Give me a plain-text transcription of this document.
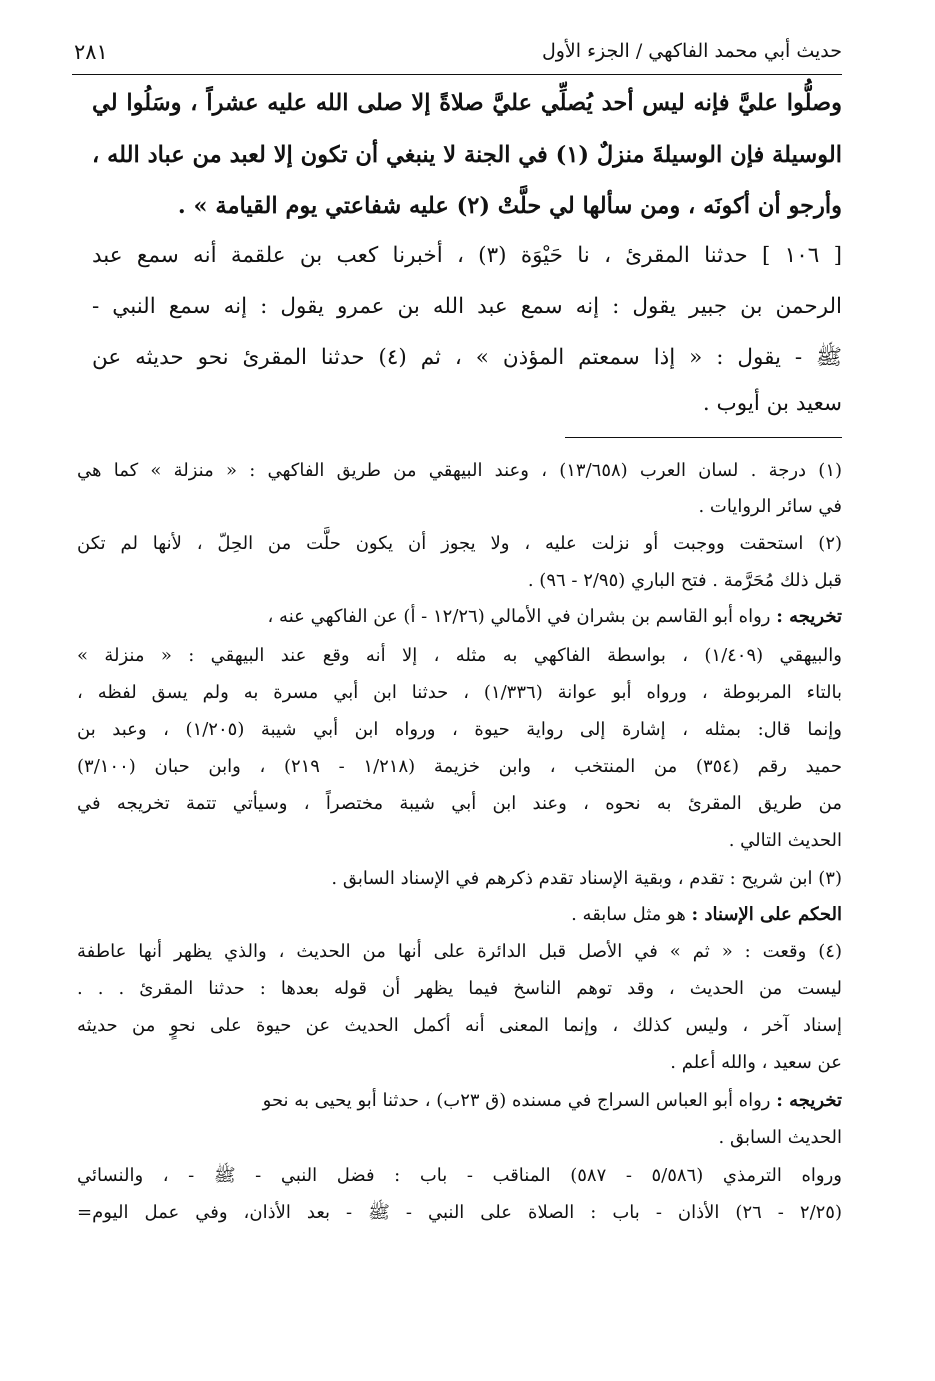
حديث أبي محمد الفاكهي / الجزء الأول
٢٨١
وصلُّوا عليَّ فإنه ليس أحد يُصلِّي عليَّ صلاةً إلا صلى الله عليه عشراً ، وسَلُوا لي
الوسيلة فإن الوسيلةَ منزلٌ (١) في الجنة لا ينبغي أن تكون إلا لعبد من عباد الله ،
وأرجو أن أكونَه ، ومن سألها لي حلَّتْ (٢) عليه شفاعتي يوم القيامة » .
[ ١٠٦ ] حدثنا المقرئ ، نا حَيْوَة (٣) ، أخبرنا كعب بن علقمة أنه سمع عبد
الرحمن بن جبير يقول : إنه سمع عبد الله بن عمرو يقول : إنه سمع النبي -
ﷺ - يقول : « إذا سمعتم المؤذن » ، ثم (٤) حدثنا المقرئ نحو حديثه عن
سعيد بن أيوب .
(١) درجة . لسان العرب (١٣/٦٥٨) ، وعند البيهقي من طريق الفاكهي : « منزلة » كما هي
في سائر الروايات .
(٢) استحقت ووجبت أو نزلت عليه ، ولا يجوز أن يكون حلَّت من الحِلّ ، لأنها لم تكن
قبل ذلك مُحَرَّمة . فتح الباري (٢/٩٥ - ٩٦) .
تخريجه : رواه أبو القاسم بن بشران في الأمالي (١٢/٢٦ - أ) عن الفاكهي عنه ،
والبيهقي (١/٤٠٩) ، بواسطة الفاكهي به مثله ، إلا أنه وقع عند البيهقي : « منزلة »
بالتاء المربوطة ، ورواه أبو عوانة (١/٣٣٦) ، حدثنا ابن أبي مسرة به ولم يسق لفظه ،
وإنما قال: بمثله ، إشارة إلى رواية حيوة ، ورواه ابن أبي شيبة (١/٢٠٥) ، وعبد بن
حميد رقم (٣٥٤) من المنتخب ، وابن خزيمة (١/٢١٨ - ٢١٩) ، وابن حبان (٣/١٠٠)
من طريق المقرئ به نحوه ، وعند ابن أبي شيبة مختصراً ، وسيأتي تتمة تخريجه في
الحديث التالي .
(٣) ابن شريح : تقدم ، وبقية الإسناد تقدم ذكرهم في الإسناد السابق .
الحكم على الإسناد : هو مثل سابقه .
(٤) وقعت : « ثم » في الأصل قبل الدائرة على أنها من الحديث ، والذي يظهر أنها عاطفة
ليست من الحديث ، وقد توهم الناسخ فيما يظهر أن قوله بعدها : حدثنا المقرئ . . .
إسناد آخر ، وليس كذلك ، وإنما المعنى أنه أكمل الحديث عن حيوة على نحوٍ من حديثه
عن سعيد ، والله أعلم .
تخريجه : رواه أبو العباس السراج في مسنده (ق ٢٣ب) ، حدثنا أبو يحيى به نحو
الحديث السابق .
ورواه الترمذي (٥/٥٨٦ - ٥٨٧) المناقب - باب : فضل النبي - ﷺ - ، والنسائي
(٢/٢٥ - ٢٦) الأذان - باب : الصلاة على النبي - ﷺ - بعد الأذان، وفي عمل اليوم=
